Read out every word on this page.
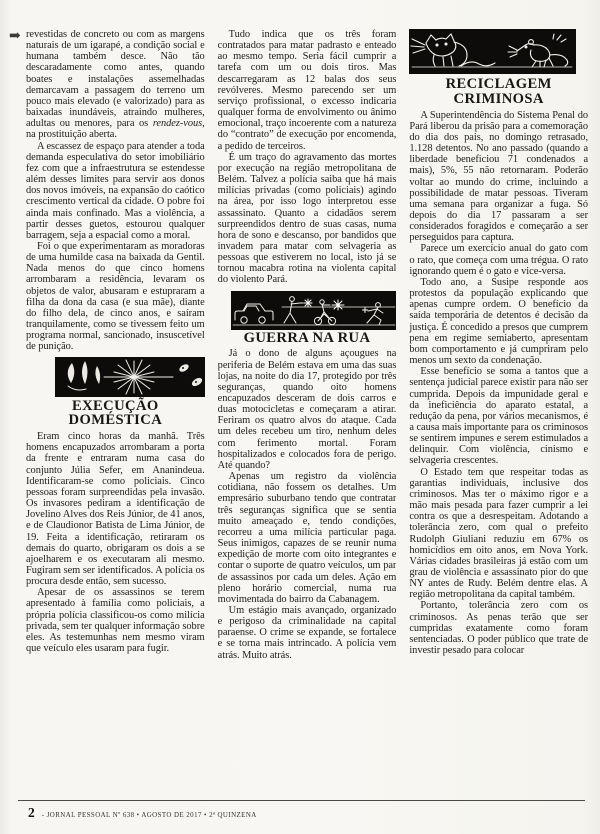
➡ revestidas de concreto ou com as margens naturais de um igarapé, a condição social e humana também desce. Não tão descaradamente como antes, quando boates e instalações assemelhadas demarcavam a passagem do terreno um pouco mais elevado (e valorizado) para as baixadas inundáveis, atraindo mulheres, adultas ou menores, para os rendez-vous, na prostituição aberta.

A escassez de espaço para atender a toda demanda especulativa do setor imobiliário fez com que a infraestrutura se estendesse além desses limites para servir aos donos dos novos imóveis, na expansão do caótico crescimento vertical da cidade. O pobre foi ainda mais confinado. Mas a violência, a partir desses guetos, estourou qualquer barragem, seja a espacial como a moral.

Foi o que experimentaram as moradoras de uma humilde casa na baixada da Gentil. Nada menos do que cinco homens arrombaram a residência, levaram os objetos de valor, abusaram e estupraram a filha da dona da casa (e sua mãe), diante do filho dela, de cinco anos, e saíram tranquilamente, como se tivessem feito um programa normal, sancionado, insuscetível de punição.

EXECUÇÃO
DOMÉSTICA

Eram cinco horas da manhã. Três homens encapuzados arrombaram a porta da frente e entraram numa casa do conjunto Júlia Sefer, em Ananindeua. Identificaram-se como policiais. Cinco pessoas foram surpreendidas pela invasão. Os invasores pediram a identificação de Jovelino Alves dos Reis Júnior, de 41 anos, e de Claudionor Batista de Lima Júnior, de 19. Feita a identificação, retiraram os demais do quarto, obrigaram os dois a se ajoelharem e os executaram ali mesmo. Fugiram sem ser identificados. A polícia os procura desde então, sem sucesso.

Apesar de os assassinos se terem apresentado à família como policiais, a própria polícia classificou-os como milícia privada, sem ter qualquer informação sobre eles. As testemunhas nem mesmo viram que veículo eles usaram para fugir.

Tudo indica que os três foram contratados para matar padrasto e enteado ao mesmo tempo. Seria fácil cumprir a tarefa com um ou dois tiros. Mas descarregaram as 12 balas dos seus revólveres. Mesmo parecendo ser um serviço profissional, o excesso indicaria qualquer forma de envolvimento ou ânimo emocional, traço incoerente com a natureza do “contrato” de execução por encomenda, a pedido de terceiros.

É um traço do agravamento das mortes por execução na região metropolitana de Belém. Talvez a polícia saiba que há mais milícias privadas (como policiais) agindo na área, por isso logo interpretou esse assassinato. Quanto a cidadãos serem surpreendidos dentro de suas casas, numa hora de sono e descanso, por bandidos que invadem para matar com selvageria as pessoas que estiverem no local, isto já se tornou macabra rotina na violenta capital do violento Pará.

GUERRA NA RUA

Já o dono de alguns açougues na periferia de Belém estava em uma das suas lojas, na noite do dia 17, protegido por três seguranças, quando oito homens encapuzados desceram de dois carros e duas motocicletas e começaram a atirar. Feriram os quatro alvos do ataque. Cada um deles recebeu um tiro, nenhum deles com ferimento mortal. Foram hospitalizados e colocados fora de perigo. Até quando?

Apenas um registro da violência cotidiana, não fossem os detalhes. Um empresário suburbano tendo que contratar três seguranças significa que se sentia muito ameaçado e, tendo condições, recorreu a uma milícia particular paga. Seus inimigos, capazes de se reunir numa expedição de morte com oito integrantes e contar o suporte de quatro veículos, um par de assassinos por cada um deles. Ação em pleno horário comercial, numa rua movimentada do bairro da Cabanagem.

Um estágio mais avançado, organizado e perigoso da criminalidade na capital paraense. O crime se expande, se fortalece e se torna mais intrincado. A polícia vem atrás. Muito atrás.

RECICLAGEM
CRIMINOSA

A Superintendência do Sistema Penal do Pará liberou da prisão para a comemoração do dia dos pais, no domingo retrasado, 1.128 detentos. No ano passado (quando a liberdade beneficiou 71 condenados a mais), 5%, 55 não retornaram. Poderão voltar ao mundo do crime, incluindo a possibilidade de matar pessoas. Tiveram uma semana para organizar a fuga. Só depois do dia 17 passaram a ser considerados foragidos e começarão a ser perseguidos para captura.

Parece um exercício anual do gato com o rato, que começa com uma trégua. O rato ignorando quem é o gato e vice-versa.

Todo ano, a Susipe responde aos protestos da população explicando que apenas cumpre ordem. O benefício da saída temporária de detentos é decisão da justiça. É concedido a presos que cumprem pena em regime semiaberto, apresentam bom comportamento e já cumpriram pelo menos um sexto da condenação.

Esse benefício se soma a tantos que a sentença judicial parece existir para não ser cumprida. Depois da impunidade geral e da ineficiência do aparato estatal, a redução da pena, por vários mecanismos, é a causa mais importante para os criminosos se sentirem impunes e serem estimulados a delinquir. Com violência, cinismo e selvageria crescentes.

O Estado tem que respeitar todas as garantias individuais, inclusive dos criminosos. Mas ter o máximo rigor e a mão mais pesada para fazer cumprir a lei contra os que a desrespeitam. Adotando a tolerância zero, com qual o prefeito Rudolph Giuliani reduziu em 67% os homicídios em oito anos, em Nova York. Várias cidades brasileiras já estão com um grau de violência e assassinato pior do que NY antes de Rudy. Belém dentre elas. A região metropolitana da capital também.

Portanto, tolerância zero com os criminosos. As penas terão que ser cumpridas exatamente como foram sentenciadas. O poder público que trate de investir pesado para colocar

2 - JORNAL PESSOAL Nº 638 • AGOSTO DE 2017 • 2ª QUINZENA
